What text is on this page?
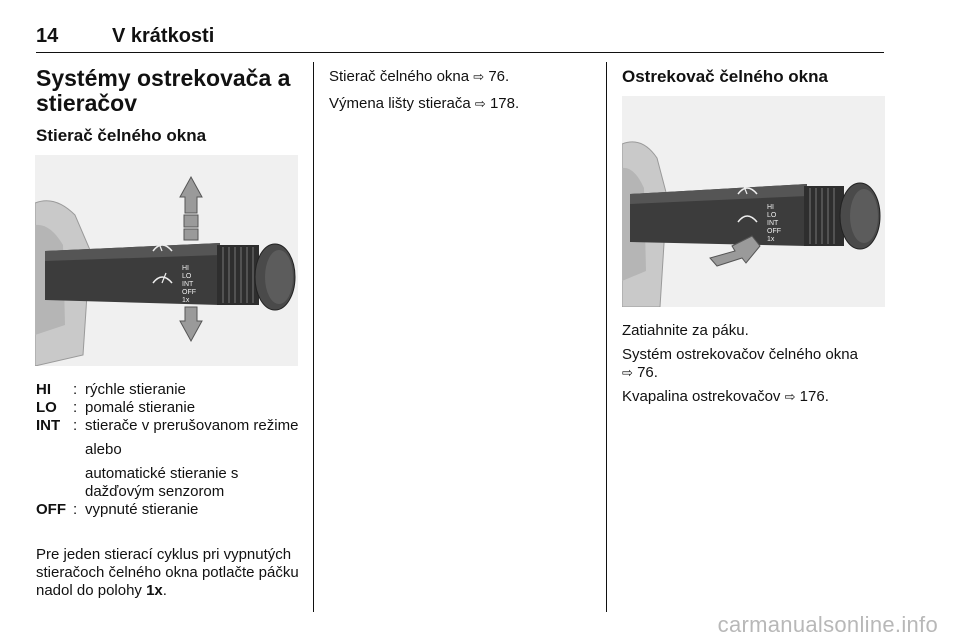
14	V krátkosti
Systémy ostrekovača a stieračov
Stierač čelného okna
HI
LO
INT
OFF
1x
HI	: rýchle stieranie
LO	: pomalé stieranie
INT : stierače v prerušovanom režime
alebo
automatické stieranie s dažďovým senzorom
OFF : vypnuté stieranie
Pre jeden stierací cyklus pri vypnutých stieračoch čelného okna potlačte páčku nadol do polohy 1x.
Stierač čelného okna ⇨ 76.
Výmena lišty stierača ⇨ 178.
Ostrekovač čelného okna
HI
LO
INT
OFF
1x
Zatiahnite za páku.
Systém ostrekovačov čelného okna
⇨ 76.
Kvapalina ostrekovačov ⇨ 176.
carmanualsonline.info
